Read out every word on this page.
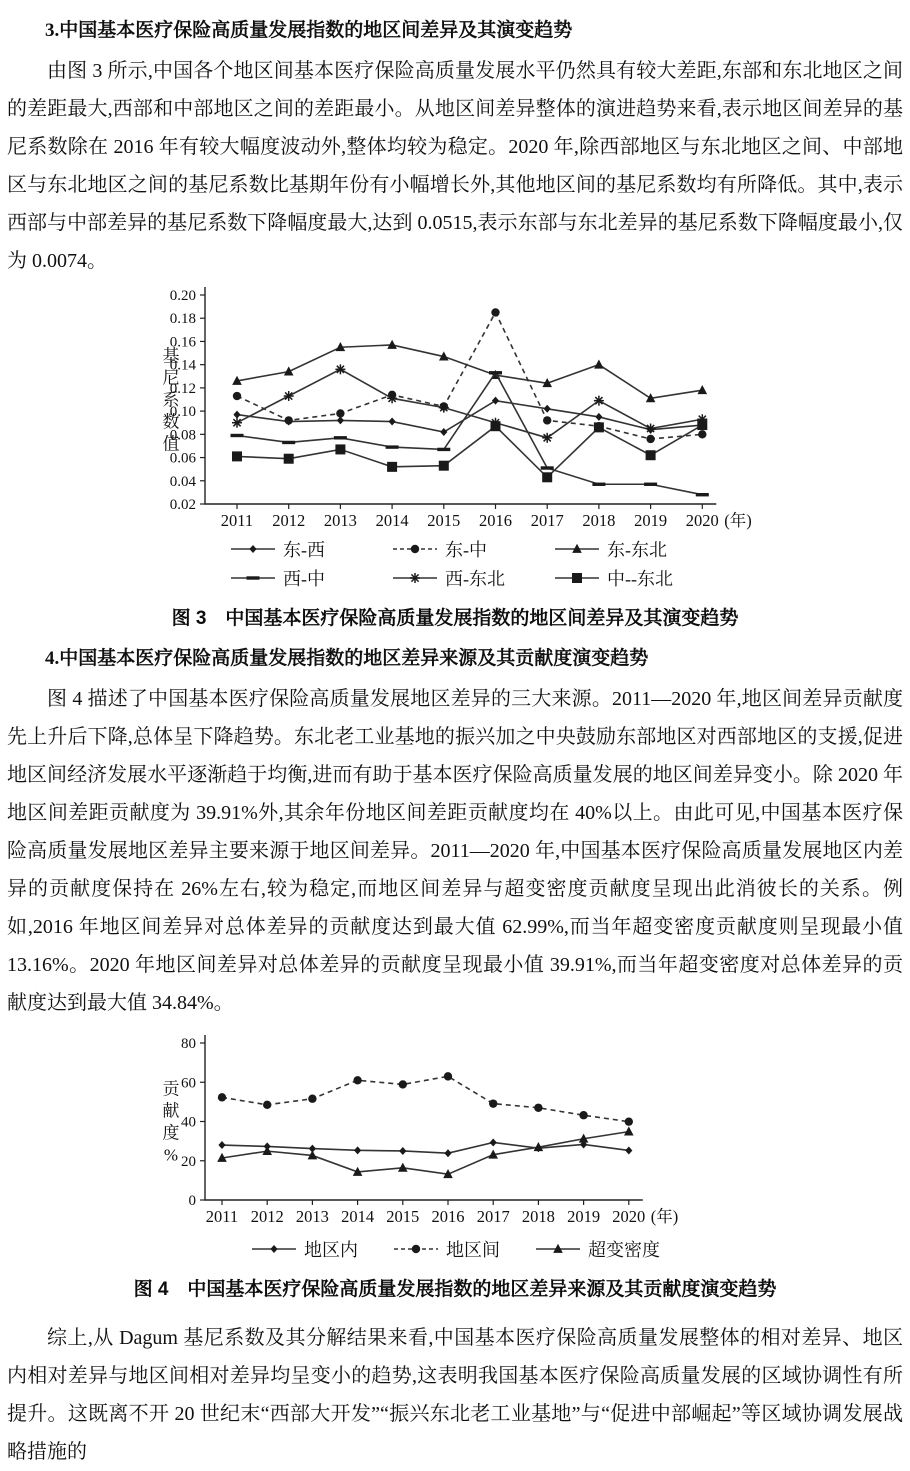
3.中国基本医疗保险高质量发展指数的地区间差异及其演变趋势

由图 3 所示,中国各个地区间基本医疗保险高质量发展水平仍然具有较大差距,东部和东北地区之间的差距最大,西部和中部地区之间的差距最小。从地区间差异整体的演进趋势来看,表示地区间差异的基尼系数除在 2016 年有较大幅度波动外,整体均较为稳定。2020 年,除西部地区与东北地区之间、中部地区与东北地区之间的基尼系数比基期年份有小幅增长外,其他地区间的基尼系数均有所降低。其中,表示西部与中部差异的基尼系数下降幅度最大,达到 0.0515,表示东部与东北差异的基尼系数下降幅度最小,仅为 0.0074。

0.20
0.18
0.16
0.14
0.12
0.10
0.08
0.06
0.04
0.02
2011 2012 2013 2014 2015 2016 2017 2018 2019 2020 (年)
基
尼
系
数
值
东-西	东-中	东-东北
西-中	西-东北	中--东北
图 3　中国基本医疗保险高质量发展指数的地区间差异及其演变趋势
4.中国基本医疗保险高质量发展指数的地区差异来源及其贡献度演变趋势

图 4 描述了中国基本医疗保险高质量发展地区差异的三大来源。2011—2020 年,地区间差异贡献度先上升后下降,总体呈下降趋势。东北老工业基地的振兴加之中央鼓励东部地区对西部地区的支援,促进地区间经济发展水平逐渐趋于均衡,进而有助于基本医疗保险高质量发展的地区间差异变小。除 2020 年地区间差距贡献度为 39.91%外,其余年份地区间差距贡献度均在 40%以上。由此可见,中国基本医疗保险高质量发展地区差异主要来源于地区间差异。2011—2020 年,中国基本医疗保险高质量发展地区内差异的贡献度保持在 26%左右,较为稳定,而地区间差异与超变密度贡献度呈现出此消彼长的关系。例如,2016 年地区间差异对总体差异的贡献度达到最大值 62.99%,而当年超变密度贡献度则呈现最小值 13.16%。2020 年地区间差异对总体差异的贡献度呈现最小值 39.91%,而当年超变密度对总体差异的贡献度达到最大值 34.84%。

80
60
40
20
0
2011 2012 2013 2014 2015 2016 2017 2018 2019 2020 (年)
贡
献
度
%
地区内	地区间	超变密度
图 4　中国基本医疗保险高质量发展指数的地区差异来源及其贡献度演变趋势

综上,从 Dagum 基尼系数及其分解结果来看,中国基本医疗保险高质量发展整体的相对差异、地区内相对差异与地区间相对差异均呈变小的趋势,这表明我国基本医疗保险高质量发展的区域协调性有所提升。这既离不开 20 世纪末“西部大开发”“振兴东北老工业基地”与“促进中部崛起”等区域协调发展战略措施的
